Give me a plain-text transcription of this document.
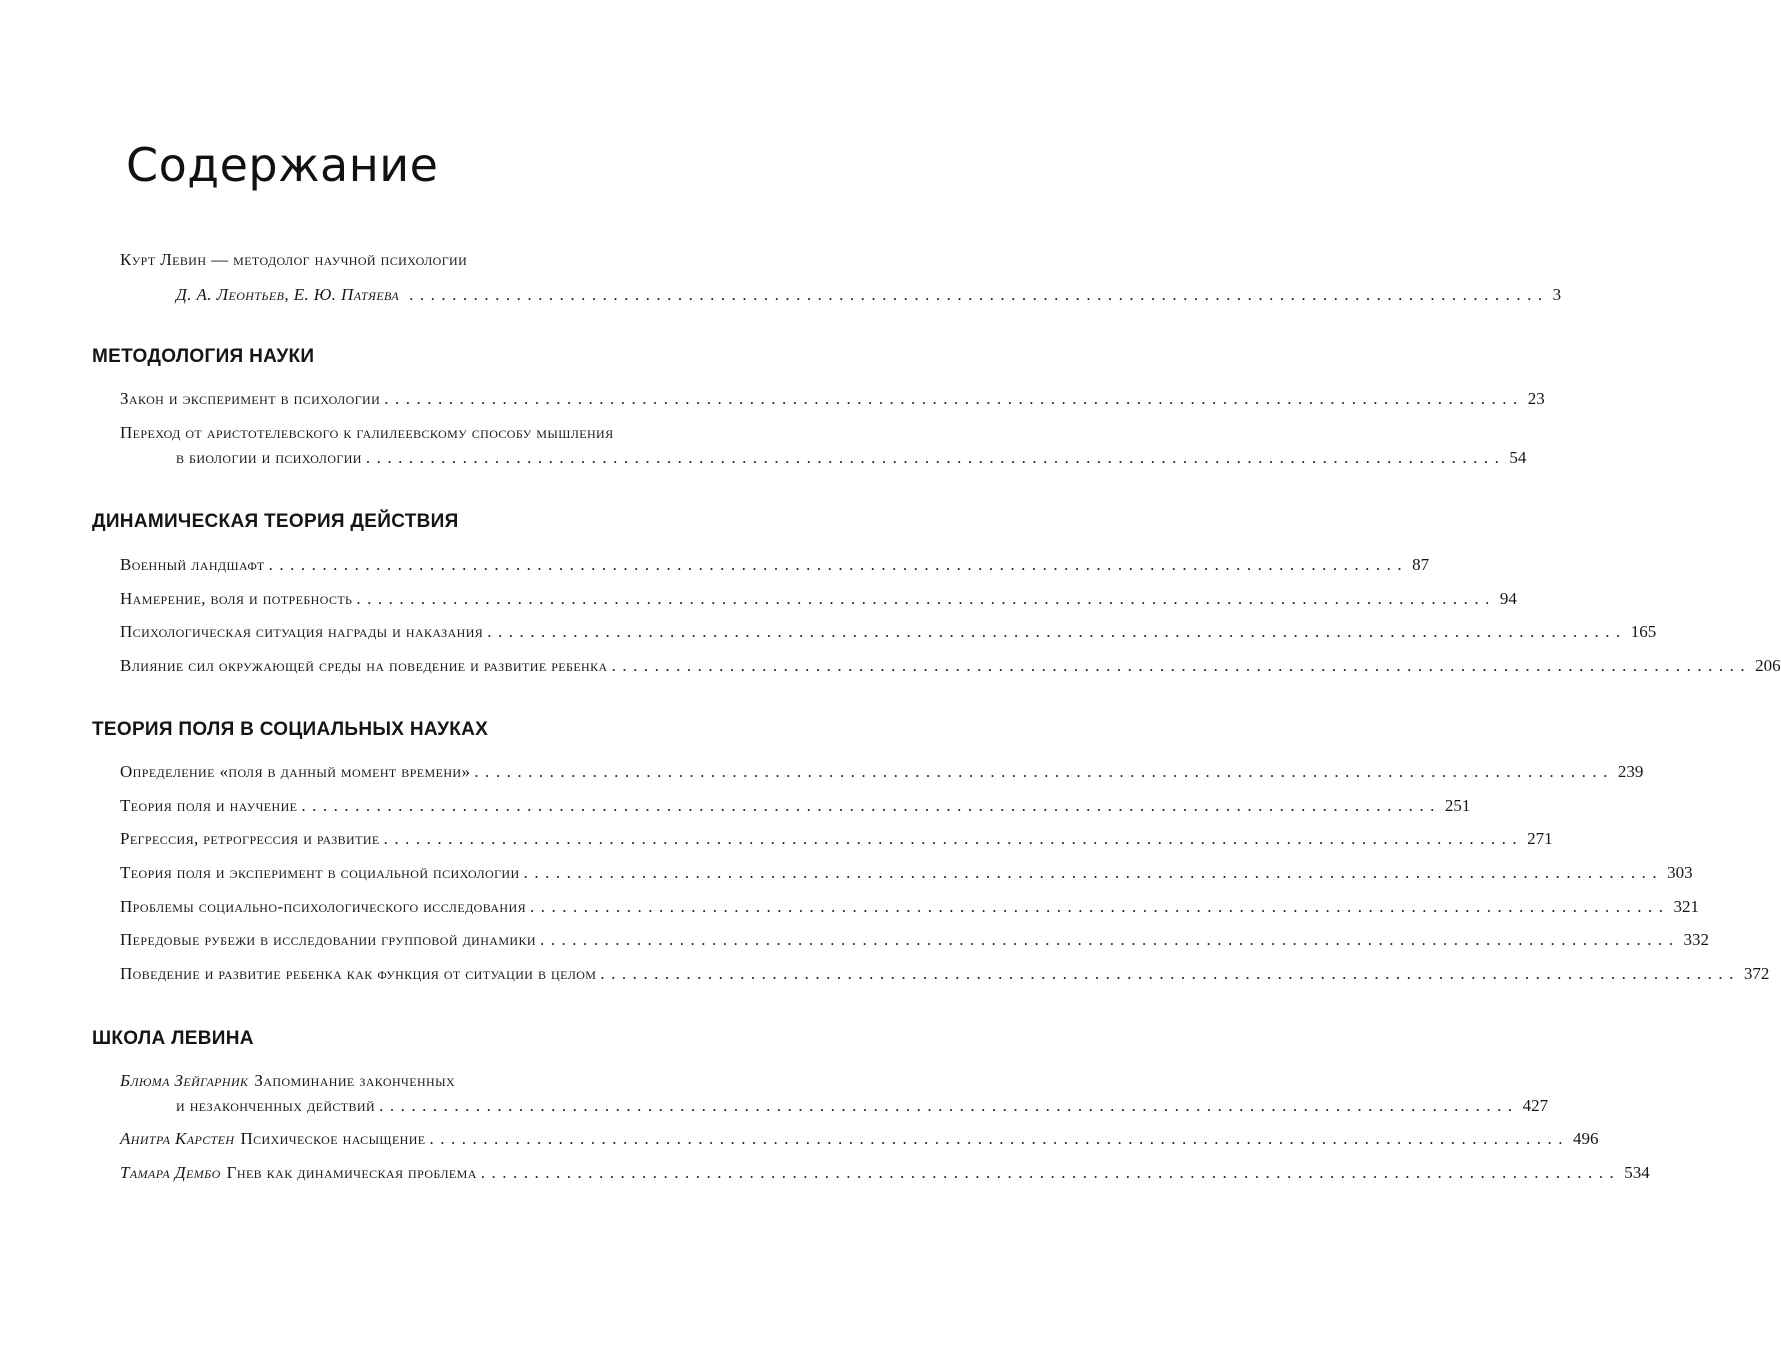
Содержание
Курт Левин — методолог научной психологии
Д. А. Леонтьев, Е. Ю. Патяева .......................................................................................................... 3
МЕТОДОЛОГИЯ НАУКИ
Закон и эксперимент в психологии .......................................................................................................... 23
Переход от аристотелевского к галилеевскому способу мышления
в биологии и психологии .......................................................................................................... 54
ДИНАМИЧЕСКАЯ ТЕОРИЯ ДЕЙСТВИЯ
Военный ландшафт .......................................................................................................... 87
Намерение, воля и потребность .......................................................................................................... 94
Психологическая ситуация награды и наказания .......................................................................................................... 165
Влияние сил окружающей среды на поведение и развитие ребенка .......................................................................................................... 206
ТЕОРИЯ ПОЛЯ В СОЦИАЛЬНЫХ НАУКАХ
Определение «поля в данный момент времени» .......................................................................................................... 239
Теория поля и научение .......................................................................................................... 251
Регрессия, ретрогрессия и развитие .......................................................................................................... 271
Теория поля и эксперимент в социальной психологии .......................................................................................................... 303
Проблемы социально-психологического исследования .......................................................................................................... 321
Передовые рубежи в исследовании групповой динамики .......................................................................................................... 332
Поведение и развитие ребенка как функция от ситуации в целом .......................................................................................................... 372
ШКОЛА ЛЕВИНА
Блюма Зейгарник Запоминание законченных
и незаконченных действий .......................................................................................................... 427
Анитра Карстен Психическое насыщение .......................................................................................................... 496
Тамара Дембо Гнев как динамическая проблема .......................................................................................................... 534
